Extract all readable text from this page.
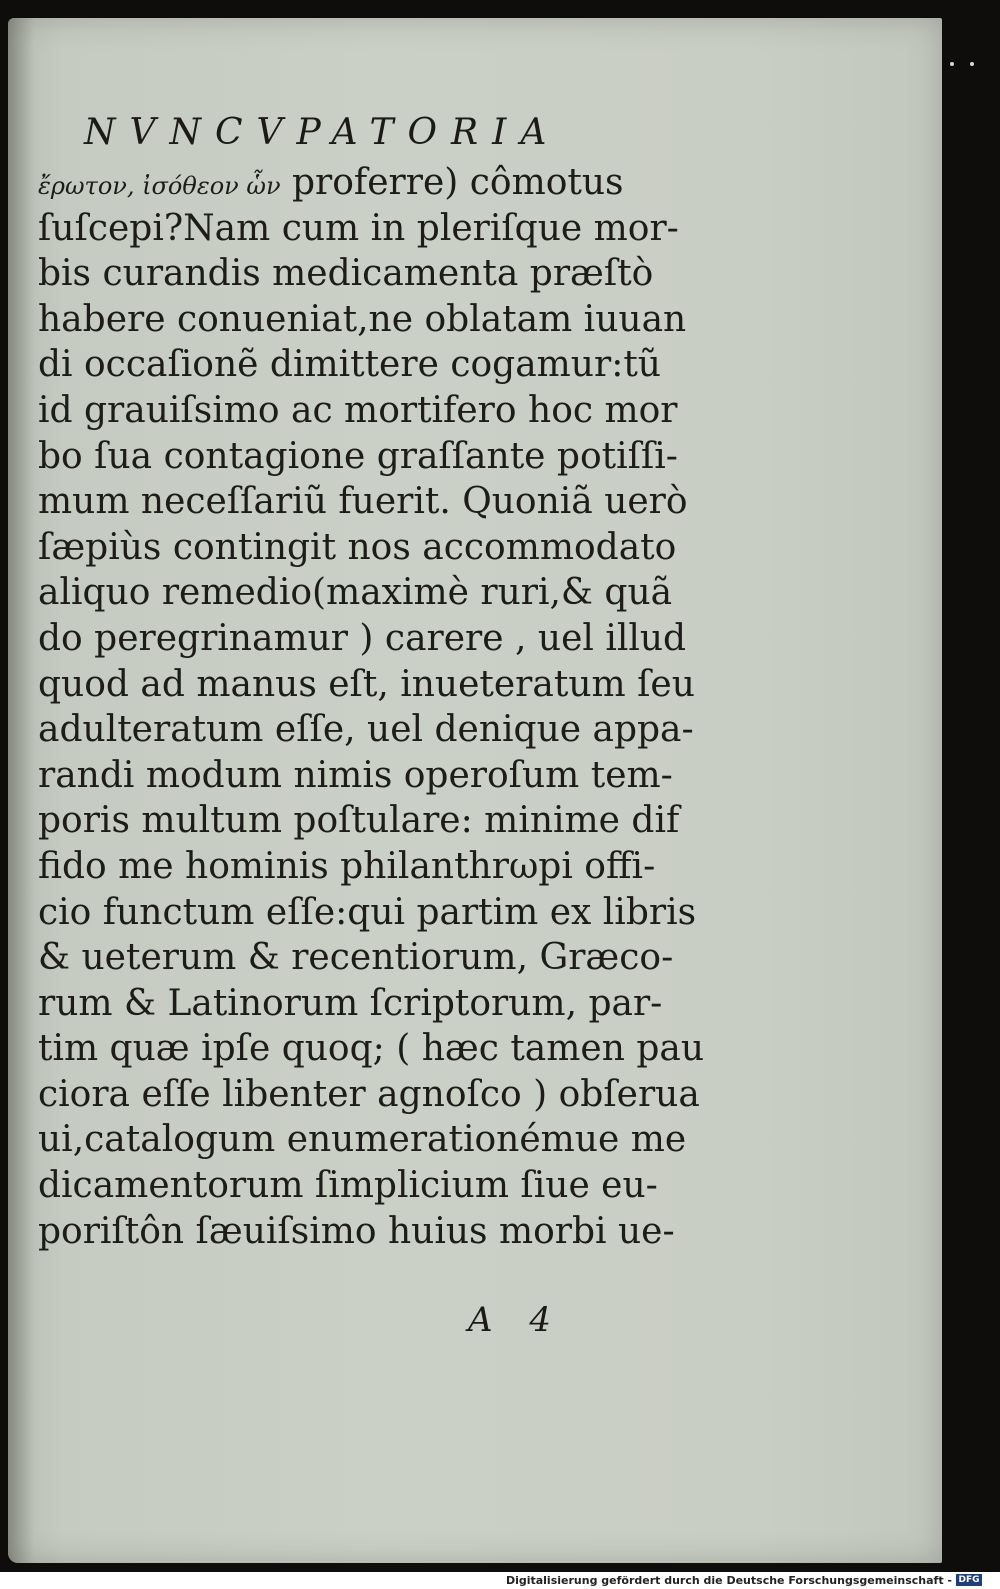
NVNCVPATORIA
ἔρωτον, ἰσόθεον ὧν proferre) cômotus
ſuſcepi?Nam cum in pleriſque mor-
bis curandis medicamenta præſtò
habere conueniat,ne oblatam iuuan
di occaſionẽ dimittere cogamur:tũ
id grauiſsimo ac mortifero hoc mor
bo ſua contagione graſſante potiſſi-
mum neceſſariũ fuerit. Quoniã uerò
ſæpiùs contingit nos accommodato
aliquo remedio(maximè ruri,& quã
do peregrinamur ) carere , uel illud
quod ad manus eſt, inueteratum ſeu
adulteratum eſſe, uel denique appa-
randi modum nimis operoſum tem-
poris multum poſtulare: minime dif
fido me hominis philanthrωpi offi-
cio functum eſſe:qui partim ex libris
& ueterum & recentiorum, Græco-
rum & Latinorum ſcriptorum, par-
tim quæ ipſe quoq; ( hæc tamen pau
ciora eſſe libenter agnoſco ) obſerua
ui,catalogum enumerationémue me
dicamentorum ſimplicium ſiue eu-
poriſtôn ſæuiſsimo huius morbi ue-
A 4
Digitalisierung gefördert durch die Deutsche Forschungsgemeinschaft - DFG
